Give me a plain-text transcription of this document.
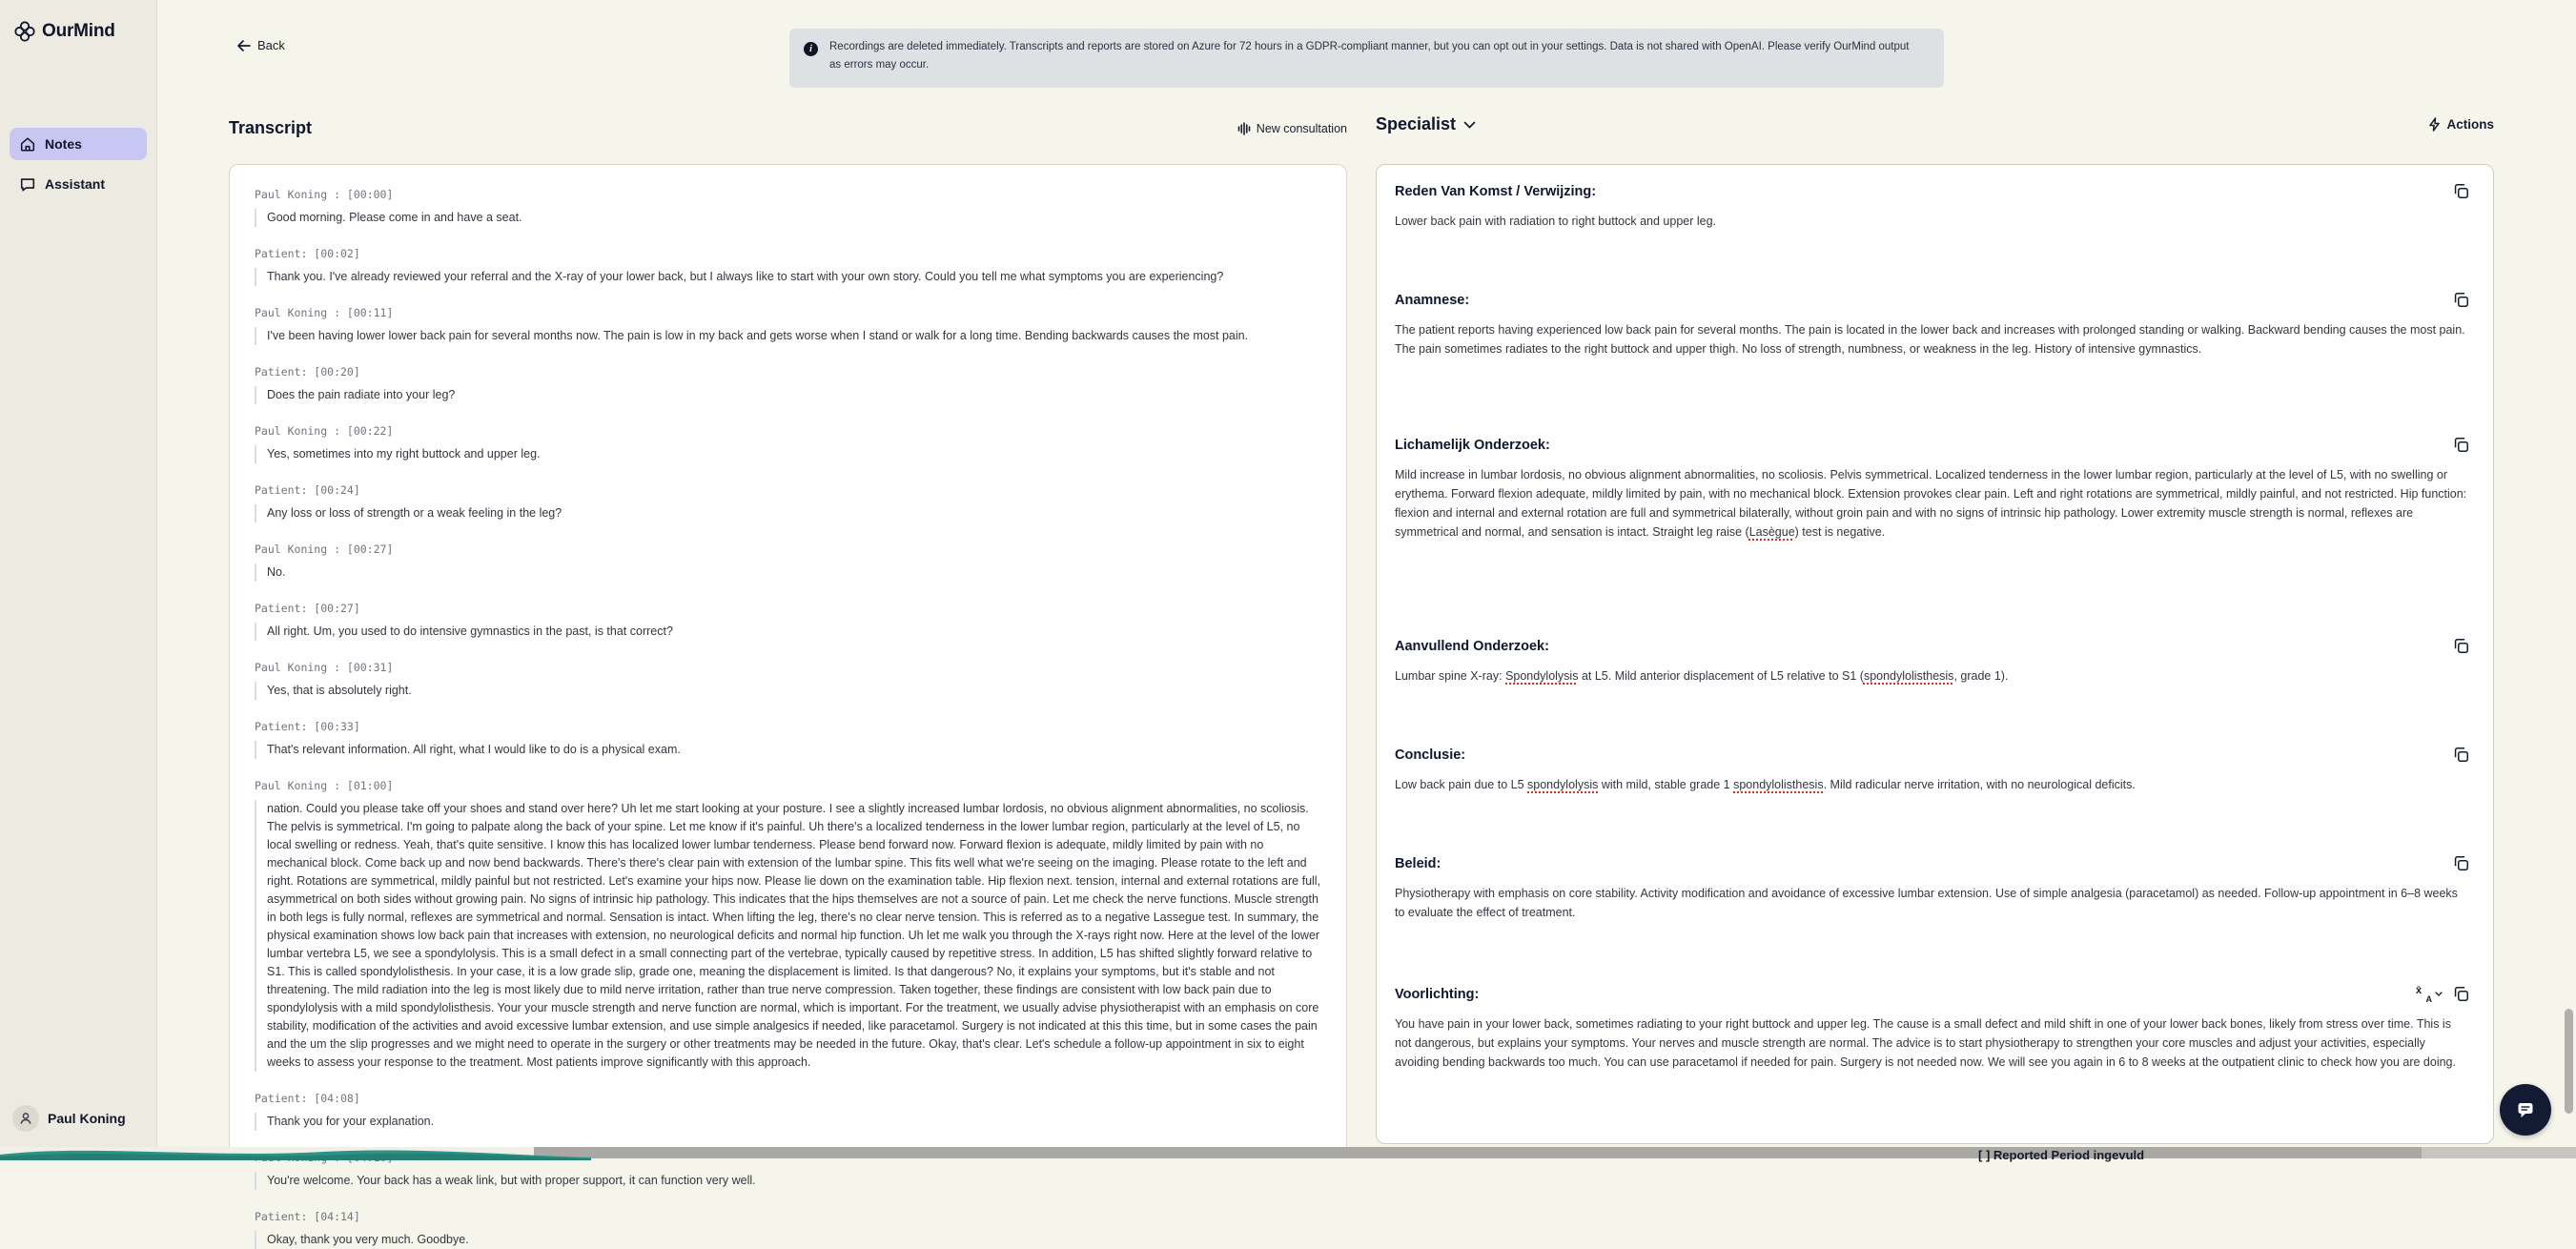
OurMind
Notes
Assistant
Paul Koning
Back	i	Recordings are deleted immediately. Transcripts and reports are stored on Azure for 72 hours in a GDPR-compliant manner, but you can opt out in your settings. Data is not shared with OpenAI. Please verify OurMind output as errors may occur.
Transcript	New consultation
Paul Koning : [00:00]
Good morning. Please come in and have a seat.
Patient: [00:02]
Thank you. I've already reviewed your referral and the X-ray of your lower back, but I always like to start with your own story. Could you tell me what symptoms you are experiencing?
Paul Koning : [00:11]
I've been having lower lower back pain for several months now. The pain is low in my back and gets worse when I stand or walk for a long time. Bending backwards causes the most pain.
Patient: [00:20]
Does the pain radiate into your leg?
Paul Koning : [00:22]
Yes, sometimes into my right buttock and upper leg.
Patient: [00:24]
Any loss or loss of strength or a weak feeling in the leg?
Paul Koning : [00:27]
No.
Patient: [00:27]
All right. Um, you used to do intensive gymnastics in the past, is that correct?
Paul Koning : [00:31]
Yes, that is absolutely right.
Patient: [00:33]
That's relevant information. All right, what I would like to do is a physical exam.
Paul Koning : [01:00]
nation. Could you please take off your shoes and stand over here? Uh let me start looking at your posture. I see a slightly increased lumbar lordosis, no obvious alignment abnormalities, no scoliosis. The pelvis is symmetrical. I'm going to palpate along the back of your spine. Let me know if it's painful. Uh there's a localized tenderness in the lower lumbar region, particularly at the level of L5, no local swelling or redness. Yeah, that's quite sensitive. I know this has localized lower lumbar tenderness. Please bend forward now. Forward flexion is adequate, mildly limited by pain with no mechanical block. Come back up and now bend backwards. There's there's clear pain with extension of the lumbar spine. This fits well what we're seeing on the imaging. Please rotate to the left and right. Rotations are symmetrical, mildly painful but not restricted. Let's examine your hips now. Please lie down on the examination table. Hip flexion next. tension, internal and external rotations are full, asymmetrical on both sides without growing pain. No signs of intrinsic hip pathology. This indicates that the hips themselves are not a source of pain. Let me check the nerve functions. Muscle strength in both legs is fully normal, reflexes are symmetrical and normal. Sensation is intact. When lifting the leg, there's no clear nerve tension. This is referred as to a negative Lassegue test. In summary, the physical examination shows low back pain that increases with extension, no neurological deficits and normal hip function. Uh let me walk you through the X-rays right now. Here at the level of the lower lumbar vertebra L5, we see a spondylolysis. This is a small defect in a small connecting part of the vertebrae, typically caused by repetitive stress. In addition, L5 has shifted slightly forward relative to S1. This is called spondylolisthesis. In your case, it is a low grade slip, grade one, meaning the displacement is limited. Is that dangerous? No, it explains your symptoms, but it's stable and not threatening. The mild radiation into the leg is most likely due to mild nerve irritation, rather than true nerve compression. Taken together, these findings are consistent with low back pain due to spondylolysis with a mild spondylolisthesis. Your your muscle strength and nerve function are normal, which is important. For the treatment, we usually advise physiotherapist with an emphasis on core stability, modification of the activities and avoid excessive lumbar extension, and use simple analgesics if needed, like paracetamol. Surgery is not indicated at this this time, but in some cases the pain and the um the slip progresses and we might need to operate in the surgery or other treatments may be needed in the future. Okay, that's clear. Let's schedule a follow-up appointment in six to eight weeks to assess your response to the treatment. Most patients improve significantly with this approach.
Patient: [04:08]
Thank you for your explanation.
You're welcome. Your back has a weak link, but with proper support, it can function very well.
Patient: [04:14]
Okay, thank you very much. Goodbye.
Specialist	Actions
Reden Van Komst / Verwijzing:

Lower back pain with radiation to right buttock and upper leg.

Anamnese:

The patient reports having experienced low back pain for several months. The pain is located in the lower back and increases with prolonged standing or walking. Backward bending causes the most pain. The pain sometimes radiates to the right buttock and upper thigh. No loss of strength, numbness, or weakness in the leg. History of intensive gymnastics.

Lichamelijk Onderzoek:

Mild increase in lumbar lordosis, no obvious alignment abnormalities, no scoliosis. Pelvis symmetrical. Localized tenderness in the lower lumbar region, particularly at the level of L5, with no swelling or erythema. Forward flexion adequate, mildly limited by pain, with no mechanical block. Extension provokes clear pain. Left and right rotations are symmetrical, mildly painful, and not restricted. Hip function: flexion and internal and external rotation are full and symmetrical bilaterally, without groin pain and with no signs of intrinsic hip pathology. Lower extremity muscle strength is normal, reflexes are symmetrical and normal, and sensation is intact. Straight leg raise (Lasègue) test is negative.

Aanvullend Onderzoek:

Lumbar spine X-ray: Spondylolysis at L5. Mild anterior displacement of L5 relative to S1 (spondylolisthesis, grade 1).

Conclusie:

Low back pain due to L5 spondylolysis with mild, stable grade 1 spondylolisthesis. Mild radicular nerve irritation, with no neurological deficits.

Beleid:

Physiotherapy with emphasis on core stability. Activity modification and avoidance of excessive lumbar extension. Use of simple analgesia (paracetamol) as needed. Follow-up appointment in 6–8 weeks to evaluate the effect of treatment.

Voorlichting:	x̄
A

You have pain in your lower back, sometimes radiating to your right buttock and upper leg. The cause is a small defect and mild shift in one of your lower back bones, likely from stress over time. This is not dangerous, but explains your symptoms. Your nerves and muscle strength are normal. The advice is to start physiotherapy to strengthen your core muscles and adjust your activities, especially avoiding bending backwards too much. You can use paracetamol if needed for pain. Surgery is not needed now. We will see you again in 6 to 8 weeks at the outpatient clinic to check how you are doing.

[ ] Reported Period ingevuld
